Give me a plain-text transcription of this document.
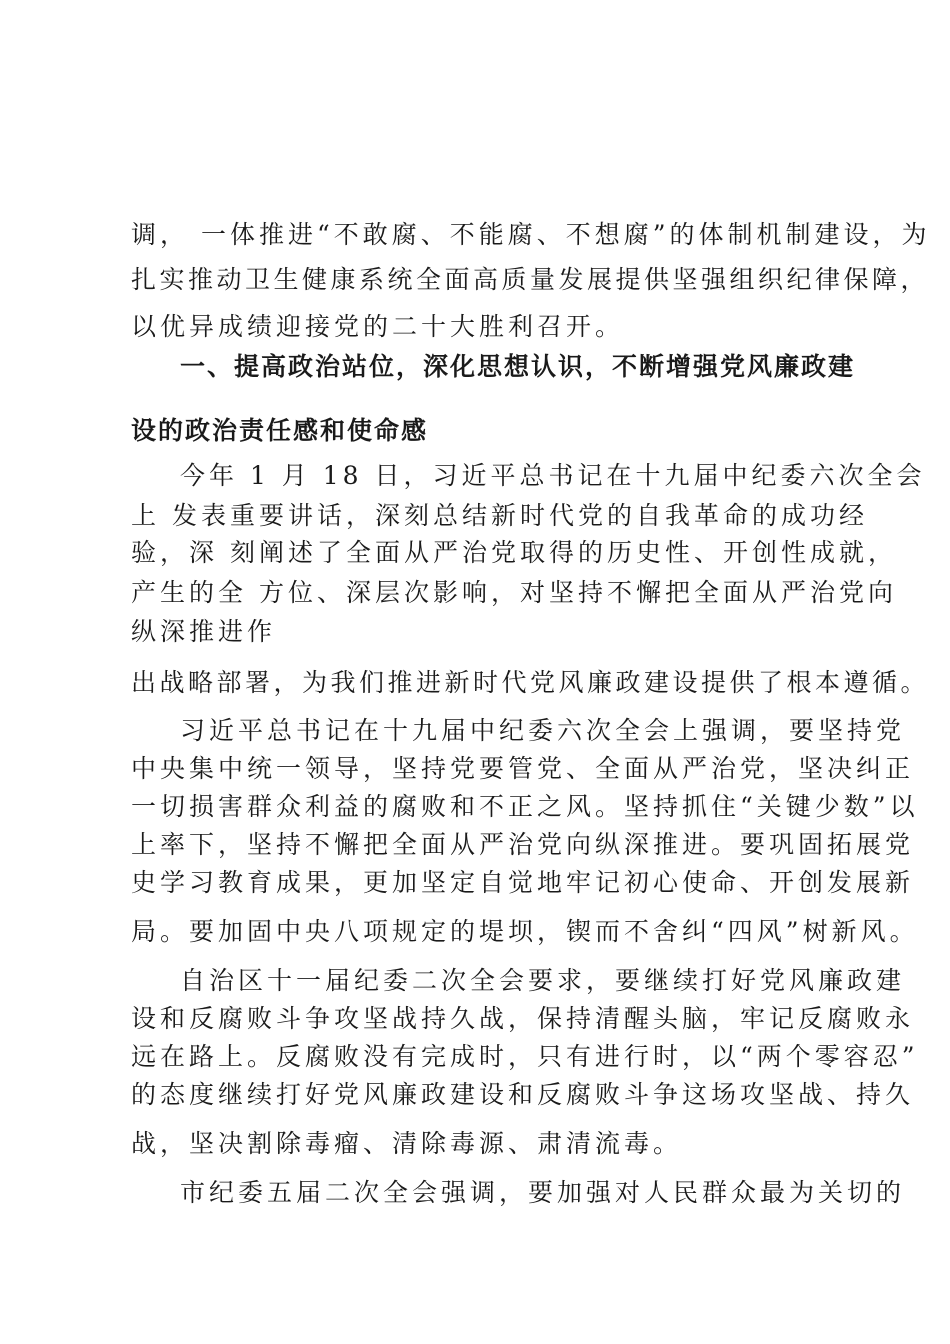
调， 一体推进“不敢腐、不能腐、不想腐”的体制机制建设，为
扎实推动卫生健康系统全面高质量发展提供坚强组织纪律保障，
以优异成绩迎接党的二十大胜利召开。
一、提高政治站位，深化思想认识，不断增强党风廉政建
设的政治责任感和使命感
今年 1 月 18 日，习近平总书记在十九届中纪委六次全会
上 发表重要讲话，深刻总结新时代党的自我革命的成功经
验，深 刻阐述了全面从严治党取得的历史性、开创性成就，
产生的全 方位、深层次影响，对坚持不懈把全面从严治党向
纵深推进作
出战略部署，为我们推进新时代党风廉政建设提供了根本遵循。
习近平总书记在十九届中纪委六次全会上强调，要坚持党
中央集中统一领导，坚持党要管党、全面从严治党，坚决纠正
一切损害群众利益的腐败和不正之风。坚持抓住“关键少数”以
上率下，坚持不懈把全面从严治党向纵深推进。要巩固拓展党
史学习教育成果，更加坚定自觉地牢记初心使命、开创发展新
局。要加固中央八项规定的堤坝，锲而不舍纠“四风”树新风。
自治区十一届纪委二次全会要求，要继续打好党风廉政建
设和反腐败斗争攻坚战持久战，保持清醒头脑，牢记反腐败永
远在路上。反腐败没有完成时，只有进行时，以“两个零容忍”
的态度继续打好党风廉政建设和反腐败斗争这场攻坚战、持久
战，坚决割除毒瘤、清除毒源、肃清流毒。
市纪委五届二次全会强调，要加强对人民群众最为关切的
